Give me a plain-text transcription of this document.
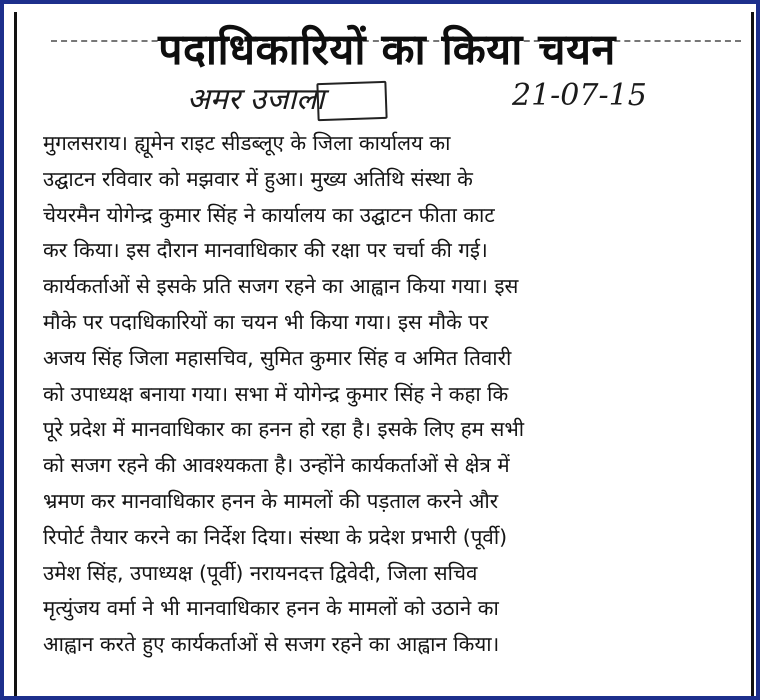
पदाधिकारियों का किया चयन
अमर उजाला	21-07-15
मुगलसराय। ह्यूमेन राइट सीडब्लूए के जिला कार्यालय का
उद्घाटन रविवार को मझवार में हुआ। मुख्य अतिथि संस्था के
चेयरमैन योगेन्द्र कुमार सिंह ने कार्यालय का उद्घाटन फीता काट
कर किया। इस दौरान मानवाधिकार की रक्षा पर चर्चा की गई।
कार्यकर्ताओं से इसके प्रति सजग रहने का आह्वान किया गया। इस
मौके पर पदाधिकारियों का चयन भी किया गया। इस मौके पर
अजय सिंह जिला महासचिव, सुमित कुमार सिंह व अमित तिवारी
को उपाध्यक्ष बनाया गया। सभा में योगेन्द्र कुमार सिंह ने कहा कि
पूरे प्रदेश में मानवाधिकार का हनन हो रहा है। इसके लिए हम सभी
को सजग रहने की आवश्यकता है। उन्होंने कार्यकर्ताओं से क्षेत्र में
भ्रमण कर मानवाधिकार हनन के मामलों की पड़ताल करने और
रिपोर्ट तैयार करने का निर्देश दिया। संस्था के प्रदेश प्रभारी (पूर्वी)
उमेश सिंह, उपाध्यक्ष (पूर्वी) नरायनदत्त द्विवेदी, जिला सचिव
मृत्युंजय वर्मा ने भी मानवाधिकार हनन के मामलों को उठाने का
आह्वान करते हुए कार्यकर्ताओं से सजग रहने का आह्वान किया।
